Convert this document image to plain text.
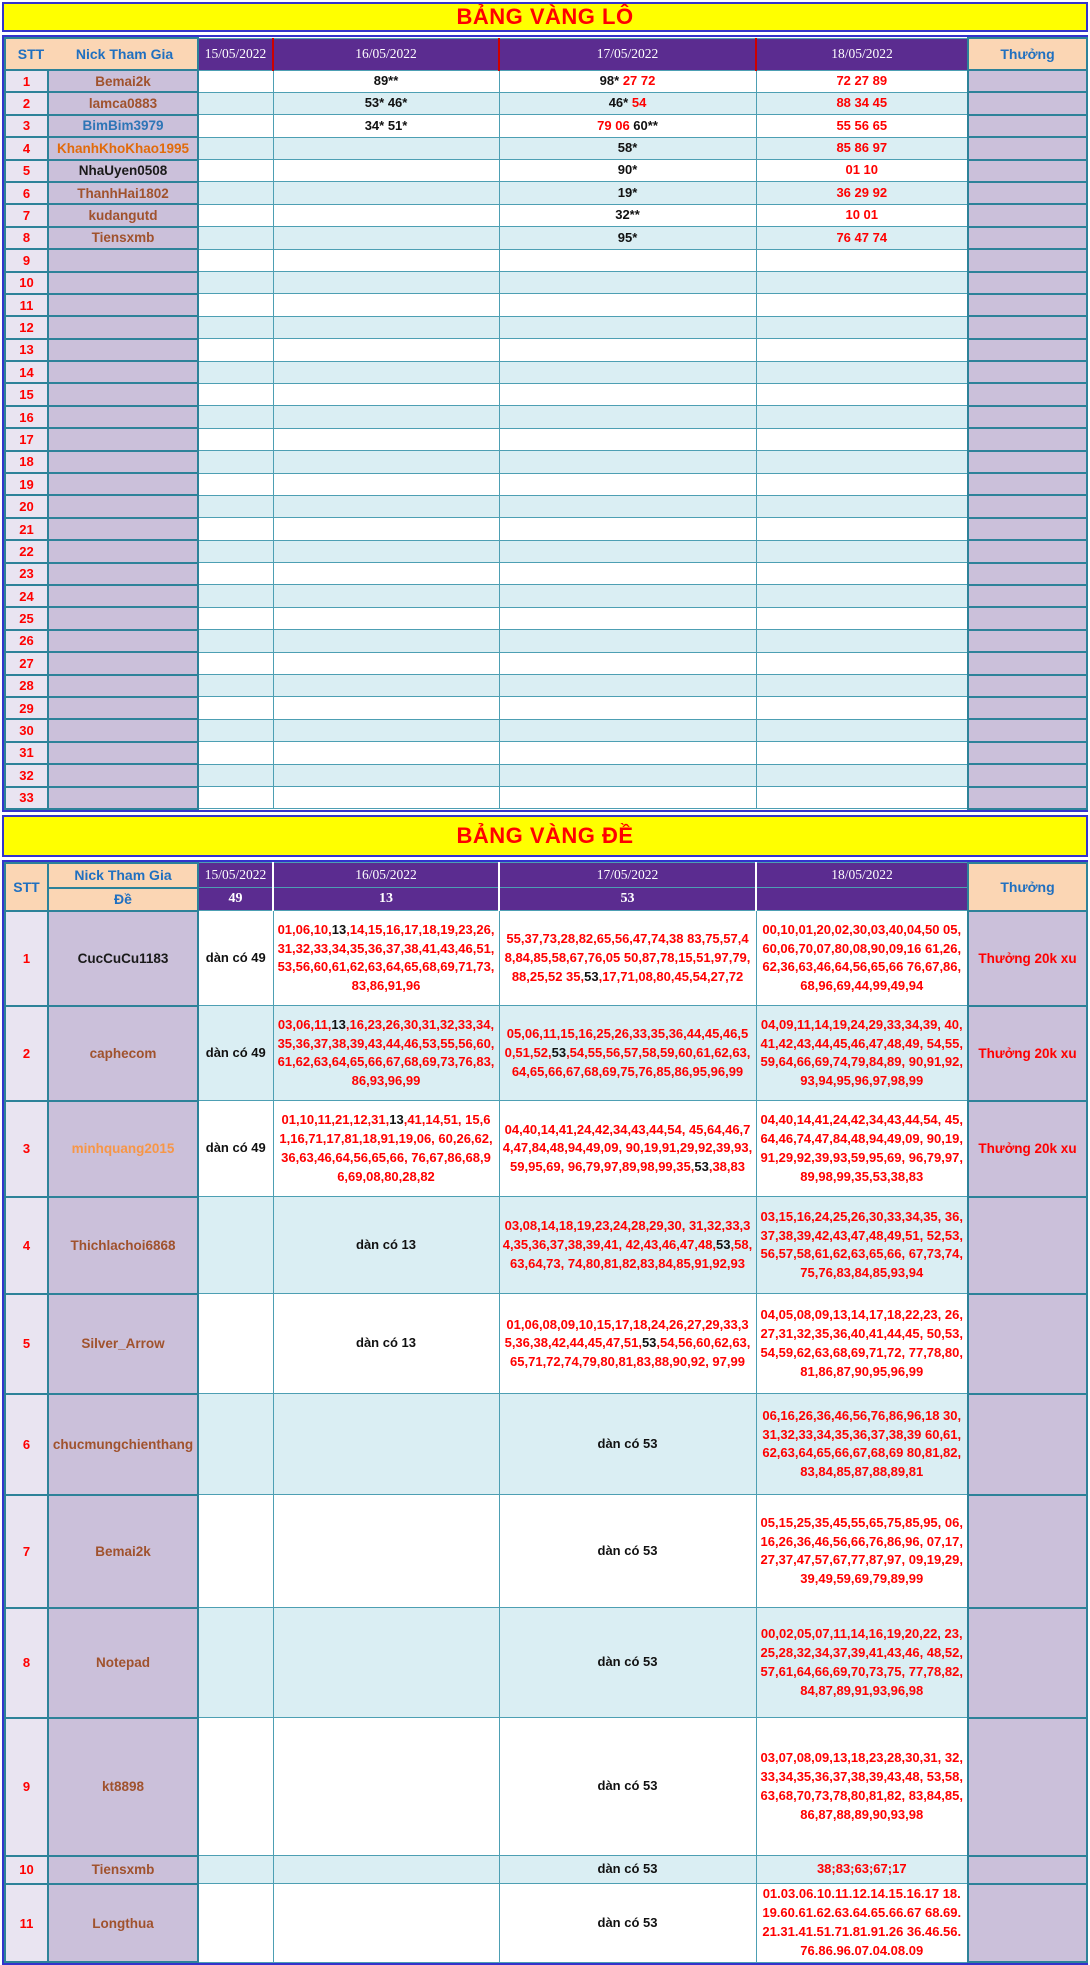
BẢNG VÀNG LÔ
STT Nick Tham Gia		15/05/2022	16/05/2022	17/05/2022	18/05/2022	Thưởng
1	Bemai2k		89**	98* 27 72	72 27 89	
2	lamca0883		53* 46*	46* 54	88 34 45	
3	BimBim3979		34* 51*	79 06 60**	55 56 65	
4	KhanhKhoKhao1995			58*	85 86 97	
5	NhaUyen0508			90*	01 10	
6	ThanhHai1802			19*	36 29 92	
7	kudangutd			32**	10 01	
8	Tiensxmb			95*	76 47 74	
9						
10						
11						
12						
13						
14						
15						
16						
17						
18						
19						
20						
21						
22						
23						
24						
25						
26						
27						
28						
29						
30						
31						
32						
33						
BẢNG VÀNG ĐỀ
STT	Nick Tham Gia	15/05/2022	16/05/2022	17/05/2022	18/05/2022	Thưởng
	Đề	49	13	53		
1	CucCuCu1183	dàn có 49	01,06,10,13,14,15,16,17,18,19,23,26,31,32,33,34,35,36,37,38,41,43,46,51,53,56,60,61,62,63,64,65,68,69,71,73,83,86,91,96	55,37,73,28,82,65,56,47,74,38 83,75,57,48,84,85,58,67,76,05 50,87,78,15,51,97,79,88,25,52 35,53,17,71,08,80,45,54,27,72	00,10,01,20,02,30,03,40,04,50 05,60,06,70,07,80,08,90,09,16 61,26,62,36,63,46,64,56,65,66 76,67,86,68,96,69,44,99,49,94	Thưởng 20k xu
2	caphecom	dàn có 49	03,06,11,13,16,23,26,30,31,32,33,34,35,36,37,38,39,43,44,46,53,55,56,60,61,62,63,64,65,66,67,68,69,73,76,83,86,93,96,99	05,06,11,15,16,25,26,33,35,36,44,45,46,50,51,52,53,54,55,56,57,58,59,60,61,62,63,64,65,66,67,68,69,75,76,85,86,95,96,99	04,09,11,14,19,24,29,33,34,39, 40,41,42,43,44,45,46,47,48,49, 54,55,59,64,66,69,74,79,84,89, 90,91,92,93,94,95,96,97,98,99	Thưởng 20k xu
3	minhquang2015	dàn có 49	01,10,11,21,12,31,13,41,14,51, 15,61,16,71,17,81,18,91,19,06, 60,26,62,36,63,46,64,56,65,66, 76,67,86,68,96,69,08,80,28,82	04,40,14,41,24,42,34,43,44,54, 45,64,46,74,47,84,48,94,49,09, 90,19,91,29,92,39,93,59,95,69, 96,79,97,89,98,99,35,53,38,83	04,40,14,41,24,42,34,43,44,54, 45,64,46,74,47,84,48,94,49,09, 90,19,91,29,92,39,93,59,95,69, 96,79,97,89,98,99,35,53,38,83	Thưởng 20k xu
4	Thichlachoi6868		dàn có 13	03,08,14,18,19,23,24,28,29,30, 31,32,33,34,35,36,37,38,39,41, 42,43,46,47,48,53,58,63,64,73, 74,80,81,82,83,84,85,91,92,93	03,15,16,24,25,26,30,33,34,35, 36,37,38,39,42,43,47,48,49,51, 52,53,56,57,58,61,62,63,65,66, 67,73,74,75,76,83,84,85,93,94	
5	Silver_Arrow		dàn có 13	01,06,08,09,10,15,17,18,24,26,27,29,33,35,36,38,42,44,45,47,51,53,54,56,60,62,63,65,71,72,74,79,80,81,83,88,90,92, 97,99	04,05,08,09,13,14,17,18,22,23, 26,27,31,32,35,36,40,41,44,45, 50,53,54,59,62,63,68,69,71,72, 77,78,80,81,86,87,90,95,96,99	
6	chucmungchienthang			dàn có 53	06,16,26,36,46,56,76,86,96,18 30,31,32,33,34,35,36,37,38,39 60,61,62,63,64,65,66,67,68,69 80,81,82,83,84,85,87,88,89,81	
7	Bemai2k			dàn có 53	05,15,25,35,45,55,65,75,85,95, 06,16,26,36,46,56,66,76,86,96, 07,17,27,37,47,57,67,77,87,97, 09,19,29,39,49,59,69,79,89,99	
8	Notepad			dàn có 53	00,02,05,07,11,14,16,19,20,22, 23,25,28,32,34,37,39,41,43,46, 48,52,57,61,64,66,69,70,73,75, 77,78,82,84,87,89,91,93,96,98	
9	kt8898			dàn có 53	03,07,08,09,13,18,23,28,30,31, 32,33,34,35,36,37,38,39,43,48, 53,58,63,68,70,73,78,80,81,82, 83,84,85,86,87,88,89,90,93,98	
10	Tiensxmb			dàn có 53	38;83;63;67;17	
11	Longthua			dàn có 53	01.03.06.10.11.12.14.15.16.17 18.19.60.61.62.63.64.65.66.67 68.69.21.31.41.51.71.81.91.26 36.46.56.76.86.96.07.04.08.09	
